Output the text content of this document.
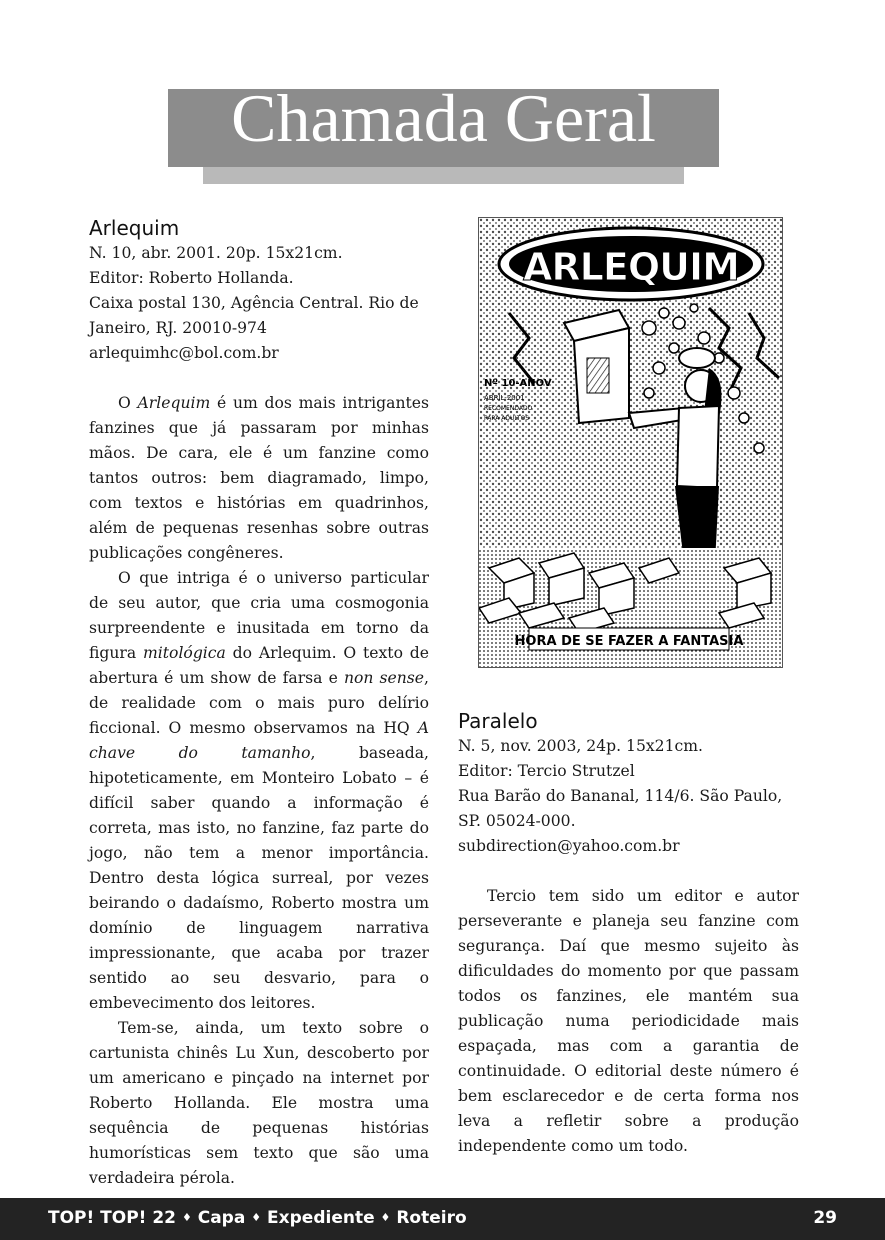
Chamada Geral
Arlequim
N. 10, abr. 2001. 20p. 15x21cm.
Editor: Roberto Hollanda.
Caixa postal 130, Agência Central. Rio de
Janeiro, RJ. 20010-974
arlequimhc@bol.com.br

O Arlequim é um dos mais intrigantes fanzines que já passaram por minhas mãos. De cara, ele é um fanzine como tantos outros: bem diagramado, limpo, com textos e histórias em quadrinhos, além de pequenas resenhas sobre outras publicações congêneres.

O que intriga é o universo particular de seu autor, que cria uma cosmogonia surpreendente e inusitada em torno da figura mitológica do Arlequim. O texto de abertura é um show de farsa e non sense, de realidade com o mais puro delírio ficcional. O mesmo observamos na HQ A chave do tamanho, baseada, hipoteticamente, em Monteiro Lobato – é difícil saber quando a informação é correta, mas isto, no fanzine, faz parte do jogo, não tem a menor importância. Dentro desta lógica surreal, por vezes beirando o dadaísmo, Roberto mostra um domínio de linguagem narrativa impressionante, que acaba por trazer sentido ao seu desvario, para o embevecimento dos leitores.

Tem-se, ainda, um texto sobre o cartunista chinês Lu Xun, descoberto por um americano e pinçado na internet por Roberto Hollanda. Ele mostra uma sequência de pequenas histórias humorísticas sem texto que são uma verdadeira pérola.

ARLEQUIM
Nº 10-ANOV
ABRIL-2001
RECOMENDADO
PARA ADULTOS
HORA DE SE FAZER A FANTASIA
Paralelo
N. 5, nov. 2003, 24p. 15x21cm.
Editor: Tercio Strutzel
Rua Barão do Bananal, 114/6. São Paulo,
SP. 05024-000.
subdirection@yahoo.com.br

Tercio tem sido um editor e autor perseverante e planeja seu fanzine com segurança. Daí que mesmo sujeito às dificuldades do momento por que passam todos os fanzines, ele mantém sua publicação numa periodicidade mais espaçada, mas com a garantia de continuidade. O editorial deste número é bem esclarecedor e de certa forma nos leva a refletir sobre a produção independente como um todo.

TOP! TOP! 22 ♦ Capa ♦ Expediente ♦ Roteiro	29
